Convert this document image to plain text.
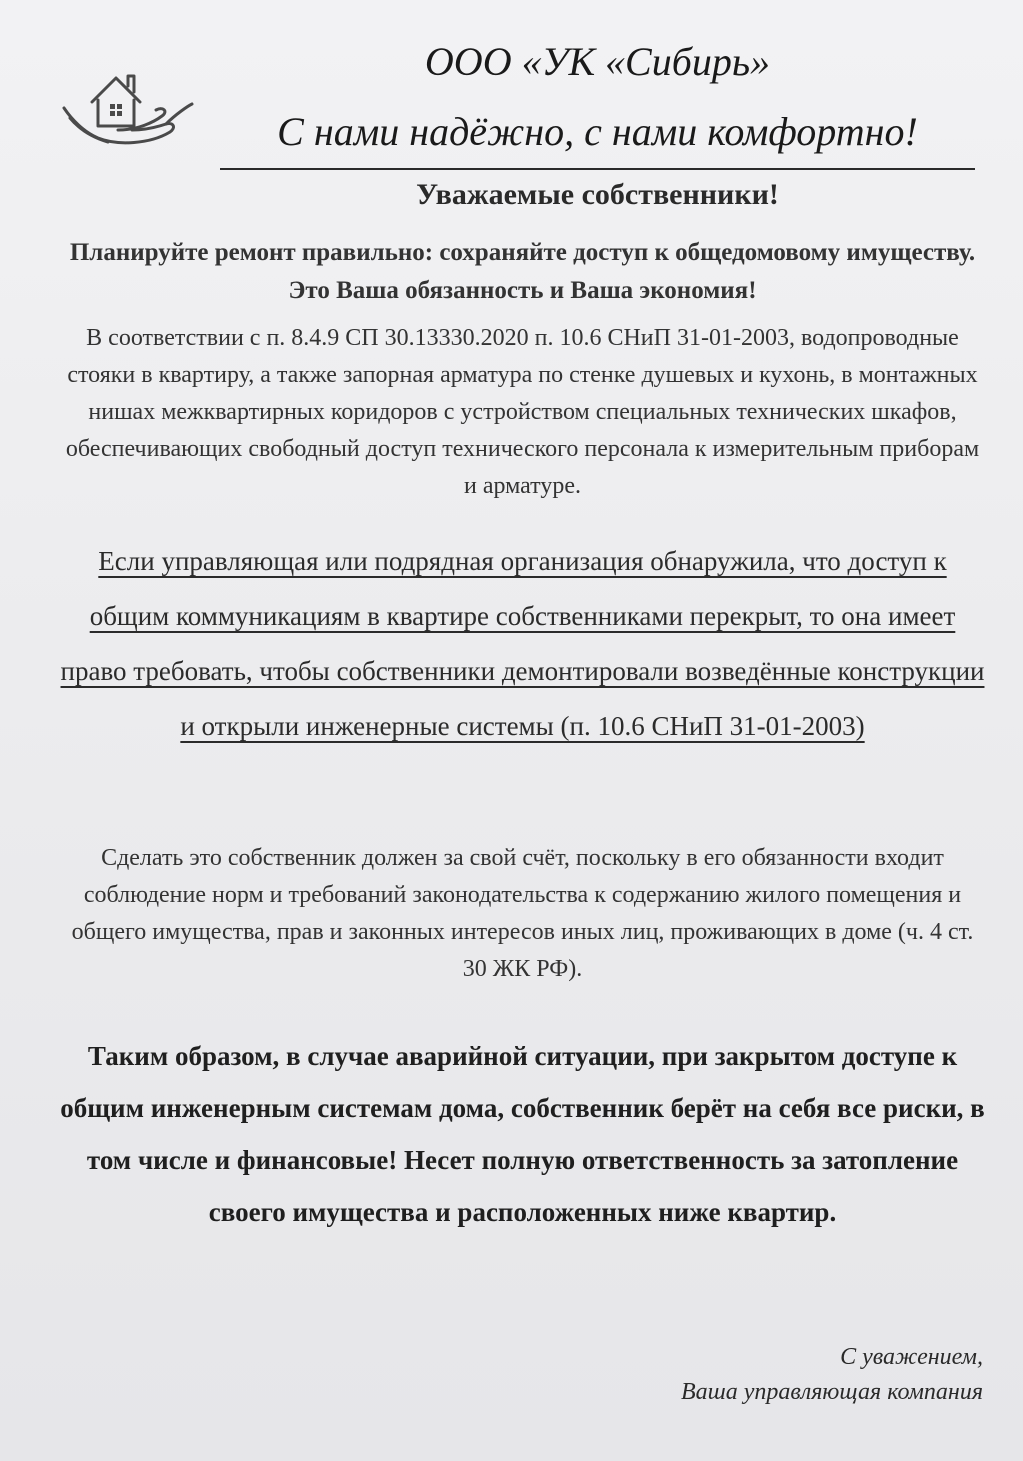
ООО «УК «Сибирь»
С нами надёжно, с нами комфортно!
Уважаемые собственники!
Планируйте ремонт правильно: сохраняйте доступ к общедомовому имуществу. Это Ваша обязанность и Ваша экономия!
В соответствии с п. 8.4.9 СП 30.13330.2020 п. 10.6 СНиП 31-01-2003, водопроводные стояки в квартиру, а также запорная арматура по стенке душевых и кухонь, в монтажных нишах межквартирных коридоров с устройством специальных технических шкафов, обеспечивающих свободный доступ технического персонала к измерительным приборам и арматуре.
Если управляющая или подрядная организация обнаружила, что доступ к общим коммуникациям в квартире собственниками перекрыт, то она имеет право требовать, чтобы собственники демонтировали возведённые конструкции и открыли инженерные системы (п. 10.6 СНиП 31-01-2003)
Сделать это собственник должен за свой счёт, поскольку в его обязанности входит соблюдение норм и требований законодательства к содержанию жилого помещения и общего имущества, прав и законных интересов иных лиц, проживающих в доме (ч. 4 ст. 30 ЖК РФ).
Таким образом, в случае аварийной ситуации, при закрытом доступе к общим инженерным системам дома, собственник берёт на себя все риски, в том числе и финансовые! Несет полную ответственность за затопление своего имущества и расположенных ниже квартир.
С уважением,
Ваша управляющая компания
